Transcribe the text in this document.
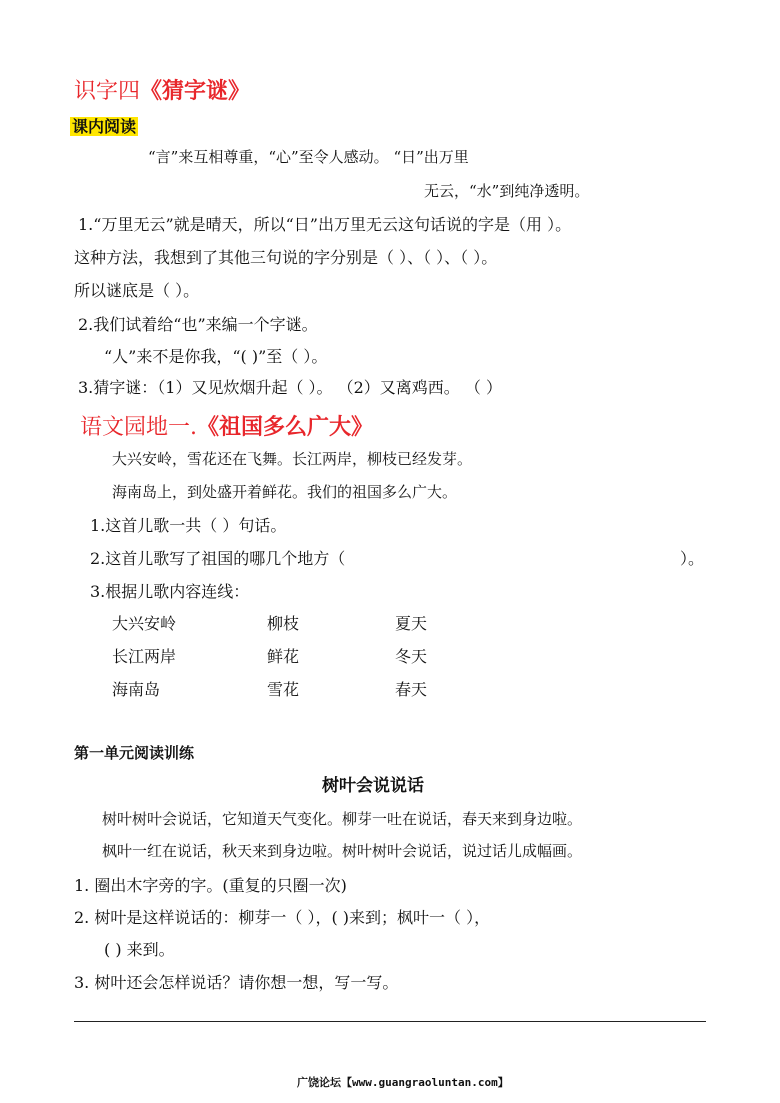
识字四《猜字谜》
课内阅读
“言”来互相尊重，“心”至令人感动。 “日”出万里
无云，“水”到纯净透明。
1.“万里无云”就是晴天，所以“日”出万里无云这句话说的字是（用 ）。
这种方法，我想到了其他三句说的字分别是（ ）、（ ）、（ ）。
所以谜底是（ ）。
2.我们试着给“也”来编一个字谜。
“人”来不是你我，“( )”至（ ）。
3.猜字谜：（1）又见炊烟升起（ ）。 （2）又离鸡西。 （ ）
语文园地一.《祖国多么广大》
大兴安岭，雪花还在飞舞。长江两岸，柳枝已经发芽。
海南岛上，到处盛开着鲜花。我们的祖国多么广大。
1.这首儿歌一共（ ）句话。
2.这首儿歌写了祖国的哪几个地方（	）。
3.根据儿歌内容连线：
大兴安岭
长江两岸
海南岛
柳枝
鲜花
雪花
夏天
冬天
春天
第一单元阅读训练
树叶会说说话
树叶树叶会说话，它知道天气变化。柳芽一吐在说话，春天来到身边啦。
枫叶一红在说话，秋天来到身边啦。树叶树叶会说话，说过话儿成幅画。
1. 圈出木字旁的字。(重复的只圈一次)
2. 树叶是这样说话的：柳芽一（ ），( )来到；枫叶一（ ），
( ) 来到。
3. 树叶还会怎样说话？请你想一想，写一写。
广饶论坛【www.guangraoluntan.com】
